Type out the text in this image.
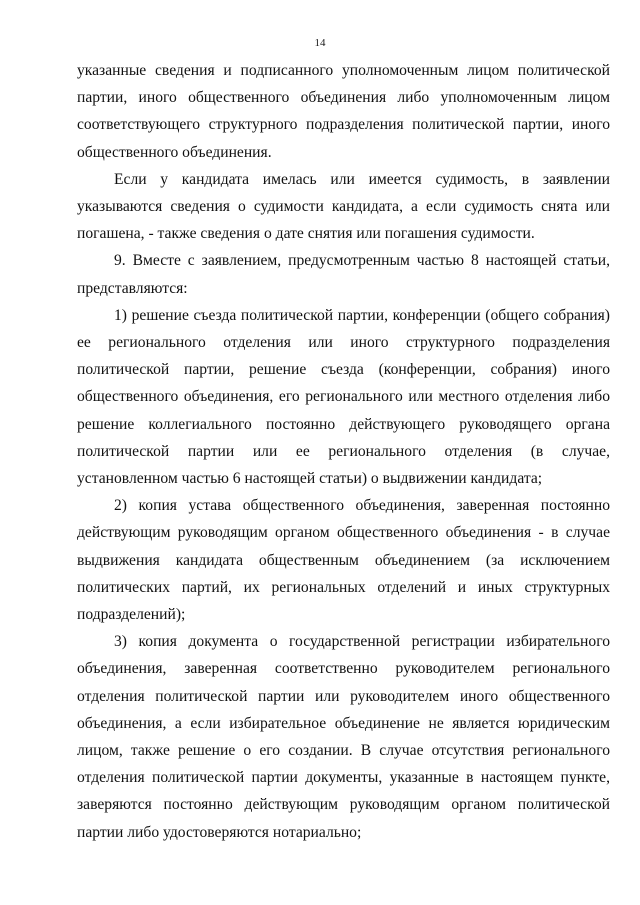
14

указанные сведения и подписанного уполномоченным лицом политической партии, иного общественного объединения либо уполномоченным лицом соответствующего структурного подразделения политической партии, иного общественного объединения.

Если у кандидата имелась или имеется судимость, в заявлении указываются сведения о судимости кандидата, а если судимость снята или погашена, - также сведения о дате снятия или погашения судимости.

9. Вместе с заявлением, предусмотренным частью 8 настоящей статьи, представляются:

1) решение съезда политической партии, конференции (общего собрания) ее регионального отделения или иного структурного подразделения политической партии, решение съезда (конференции, собрания) иного общественного объединения, его регионального или местного отделения либо решение коллегиального постоянно действующего руководящего органа политической партии или ее регионального отделения (в случае, установленном частью 6 настоящей статьи) о выдвижении кандидата;

2) копия устава общественного объединения, заверенная постоянно действующим руководящим органом общественного объединения - в случае выдвижения кандидата общественным объединением (за исключением политических партий, их региональных отделений и иных структурных подразделений);

3) копия документа о государственной регистрации избирательного объединения, заверенная соответственно руководителем регионального отделения политической партии или руководителем иного общественного объединения, а если избирательное объединение не является юридическим лицом, также решение о его создании. В случае отсутствия регионального отделения политической партии документы, указанные в настоящем пункте, заверяются постоянно действующим руководящим органом политической партии либо удостоверяются нотариально;
